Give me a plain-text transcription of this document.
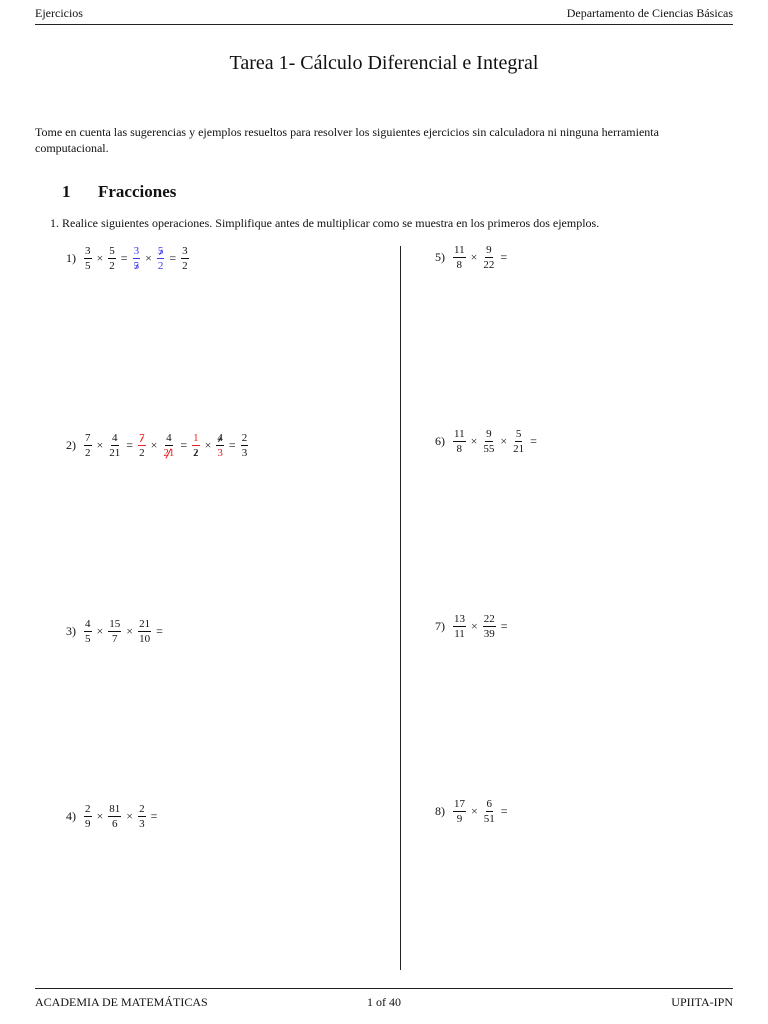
Ejercicios	Departamento de Ciencias Básicas
Tarea 1- Cálculo Diferencial e Integral
Tome en cuenta las sugerencias y ejemplos resueltos para resolver los siguientes ejercicios sin calculadora ni ninguna herramienta computacional.
1 Fracciones
1. Realice siguientes operaciones. Simplifique antes de multiplicar como se muestra en los primeros dos ejemplos.
$1) \frac{3}{5} \times \frac{5}{2} = \frac{3}{5} \times \frac{5}{2} = \frac{3}{2}$
$2) \frac{7}{2} \times \frac{4}{21} = \frac{7}{2} \times \frac{4}{21} = \frac{1}{2} \times \frac{4}{3} = \frac{2}{3}$
$3) \frac{4}{5} \times \frac{15}{7} \times \frac{21}{10}$ =
$4) \frac{2}{9} \times \frac{81}{6} \times \frac{2}{3}$ =
$5) \frac{11}{8} \times \frac{9}{22}$ =
$6) \frac{11}{8} \times \frac{9}{55} \times \frac{5}{21}$ =
$7) \frac{13}{11} \times \frac{22}{39}$ =
$8) \frac{17}{9} \times \frac{6}{51}$ =
ACADEMIA DE MATEMÁTICAS	1 of 40	UPIITA-IPN
